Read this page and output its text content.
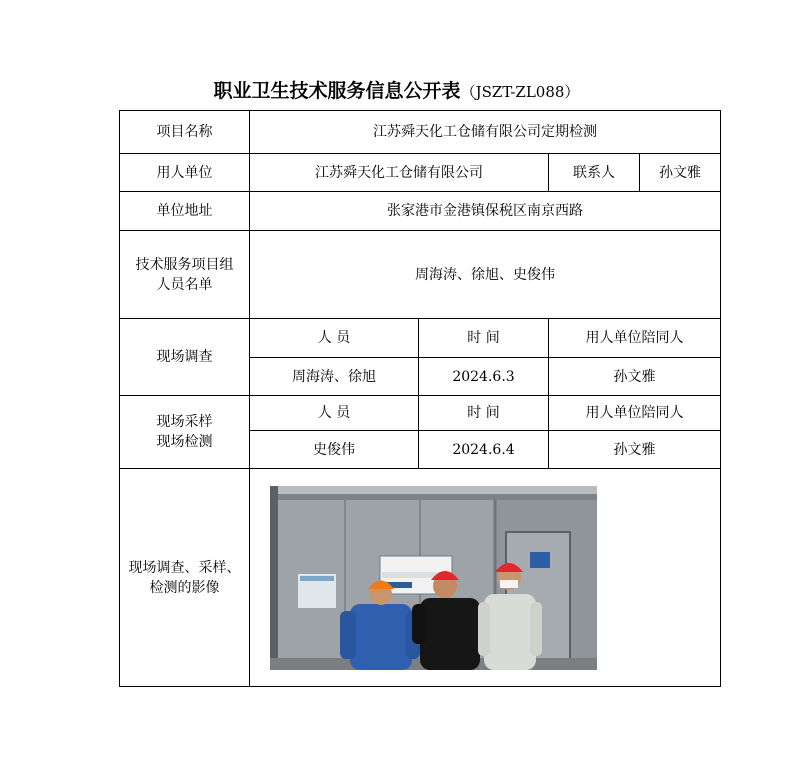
职业卫生技术服务信息公开表（JSZT-ZL088）
项目名称	江苏舜天化工仓储有限公司定期检测			
用人单位	江苏舜天化工仓储有限公司		联系人	孙文雅
单位地址	张家港市金港镇保税区南京西路			

技术服务项目组
人员名单	周海涛、徐旭、史俊伟			
现场调查	人 员	时 间	用人单位陪同人	
	周海涛、徐旭	2024.6.3	孙文雅	

现场采样
现场检测	人 员	时 间	用人单位陪同人	
	史俊伟	2024.6.4	孙文雅	

现场调查、采样、
检测的影像
